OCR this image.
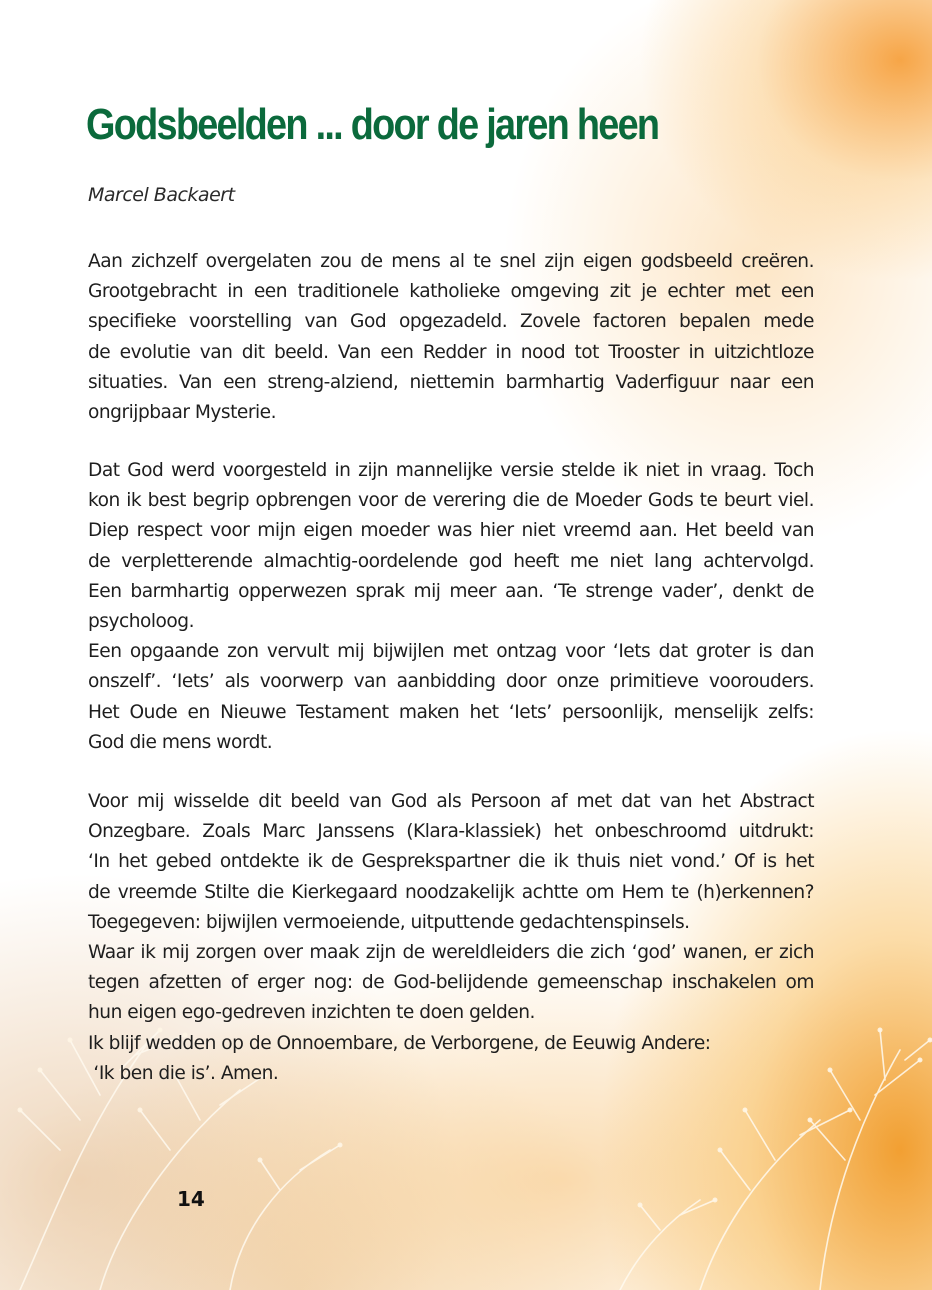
Godsbeelden ... door de jaren heen

Marcel Backaert

Aan zichzelf overgelaten zou de mens al te snel zijn eigen godsbeeld creëren.
Grootgebracht in een traditionele katholieke omgeving zit je echter met een
specifieke voorstelling van God opgezadeld. Zovele factoren bepalen mede
de evolutie van dit beeld. Van een Redder in nood tot Trooster in uitzichtloze
situaties. Van een streng-alziend, niettemin barmhartig Vaderfiguur naar een
ongrijpbaar Mysterie.
Dat God werd voorgesteld in zijn mannelijke versie stelde ik niet in vraag. Toch
kon ik best begrip opbrengen voor de verering die de Moeder Gods te beurt viel.
Diep respect voor mijn eigen moeder was hier niet vreemd aan. Het beeld van
de verpletterende almachtig-oordelende god heeft me niet lang achtervolgd.
Een barmhartig opperwezen sprak mij meer aan. ‘Te strenge vader’, denkt de
psycholoog.
Een opgaande zon vervult mij bijwijlen met ontzag voor ‘Iets dat groter is dan
onszelf’. ‘Iets’ als voorwerp van aanbidding door onze primitieve voorouders.
Het Oude en Nieuwe Testament maken het ‘Iets’ persoonlijk, menselijk zelfs:
God die mens wordt.
Voor mij wisselde dit beeld van God als Persoon af met dat van het Abstract
Onzegbare. Zoals Marc Janssens (Klara-klassiek) het onbeschroomd uitdrukt:
‘In het gebed ontdekte ik de Gesprekspartner die ik thuis niet vond.’ Of is het
de vreemde Stilte die Kierkegaard noodzakelijk achtte om Hem te (h)erkennen?
Toegegeven: bijwijlen vermoeiende, uitputtende gedachtenspinsels.
Waar ik mij zorgen over maak zijn de wereldleiders die zich ‘god’ wanen, er zich
tegen afzetten of erger nog: de God-belijdende gemeenschap inschakelen om
hun eigen ego-gedreven inzichten te doen gelden.
Ik blijf wedden op de Onnoembare, de Verborgene, de Eeuwig Andere:
‘Ik ben die is’. Amen.
14
